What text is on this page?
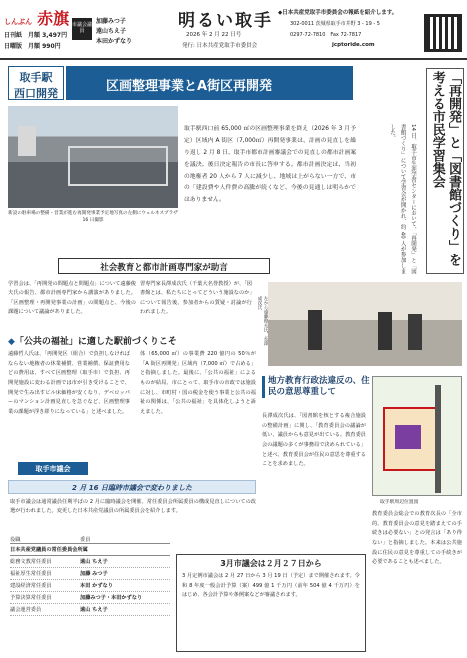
しんぶん 赤旗
日刊紙　月額 3,497円
日曜版　月額 990円
市議会議員
加藤みつ子
遠山ちえ子
本田かずなり
明るい取手
2026 年 2 月 22 日号
発行: 日本共産党取手市委員会
◆日本共産党取手市委員会の報紙を紹介します。
302-0011 茨城県取手市井野 3 - 19 - 5
0297-72-7810　Fax 72-7817
jcptoride.com
取手駅
西口開発	区画整理事業とA街区再開発
新設の駐車場の整備・営業が進む再開発事業予定地写真の左側にウェルネスプラザ　16 日撮影
取手駅西口前 65,000 ㎡の区画整理事業を終え（2026 年 3 月予定）区域内 A 街区（7,000㎡）再開発事業は、計画の見直しを繰り返し 2 月 8 日、取手市都市計画審議会での見直しの都市計画案を議決。後日決定報告の市長に答申する。都市計画決定は、当初の地権者 20 人から 7 人に減少し、地域は上がらない一方で、市の「建設費や人件費の高騰が続くなど、今後の見通しは明らかではありません。	「再開発」と「図書館づくり」を考える市民学習集会
14 日、取手市生涯学習センターにおいて、「再開発」と「図書館づくり」について学習会が開かれ、約 40 人が参加しました。
社会教育と都市計画専門家が助言
学習会は、「再開発の問題点と問題点」について遠藤俊夫氏の報告、都市計画専門家から講演がありました。「区画整理・再開発事業の計画」の問題点と、今後の課題について議論がありました。
習専門家長澤成次氏（千葉大名誉教授）が、「図書館とは、私たちにとってどういう施設なのか」について報告後、参加者からの質疑・討論が行われました。	左から遠藤俊夫氏、長澤成次氏
◆「公共の福祉」に適した駅前づくりこそ
遠藤哲人氏は、「再開発区（組合）で負担しなければならない地権者の休業補償、営業補償、保証費用などの費用は、すべて区画整理（取手市）で負担、再開発施設に変わる計画では市が引き受けることで、開発で生み出すビル床価格が安くなり、デベロッパーのマンション計画見直しを急ぐなど、区画整理事業の課題が浮き彫りになっている」と述べました。
体（65,000 ㎡）の事業費 220 億円の 50％が「A 街区再開発」区域内（7,000 ㎡）で占める」と指摘しました。最後に、「公共の福祉」によるものが結局、市にとって、取手市の市政では施設に対し、市町村・国の税金を使う事業と公共の福祉の関係は、「公共の福祉」を具体化しようと訴えました。
地方教育行政法違反の、住民の意思尊重して
長澤成次氏は、「図書館を核とする複合施設の整備計画」に関し、「教育委員会の議論が低い、議員からも意見が出ている。教育委員会の議題の多くが事務局で決められている」と述べ、教育委員会が住民の意思を尊重することを求めました。
取手駅周辺位置図
教育委員会総会での教育次長の「全市的、教育委員会の意見を踏まえての手続きは必要ない」との発言は「あり得ない」と指摘しました。本来は公共施設に住民の意見を尊重しての手続きが必要であることも述べました。
取手市議会
2 月 16 日臨時市議会で変わりました
取手市議会は通常議員任期半ばの 2 月に臨時議会を開催、常任委員会所属委員の構成見直しについての改選が行われました。変更した日本共産党議員の所属委員会を紹介します。
役職	委員
日本共産党議員の常任委員会所属
総務文教常任委員	遠山 ちえ子
福祉厚生常任委員	加藤 みつ子
建設経済常任委員	本田 かずなり
予算決算常任委員	加藤みつ子・本田かずなり
議会運営委員	遠山 ちえ子
3月市議会は２月２７日から
3 月定例市議会は 2 月 27 日から 3 月 19 日（予定）まで開催されます。令和 8 年度一般会計予算（案）499 億 1 千万円（前年 504 億 4 千万円）をはじめ、各会計予算や条例案などが審議されます。
